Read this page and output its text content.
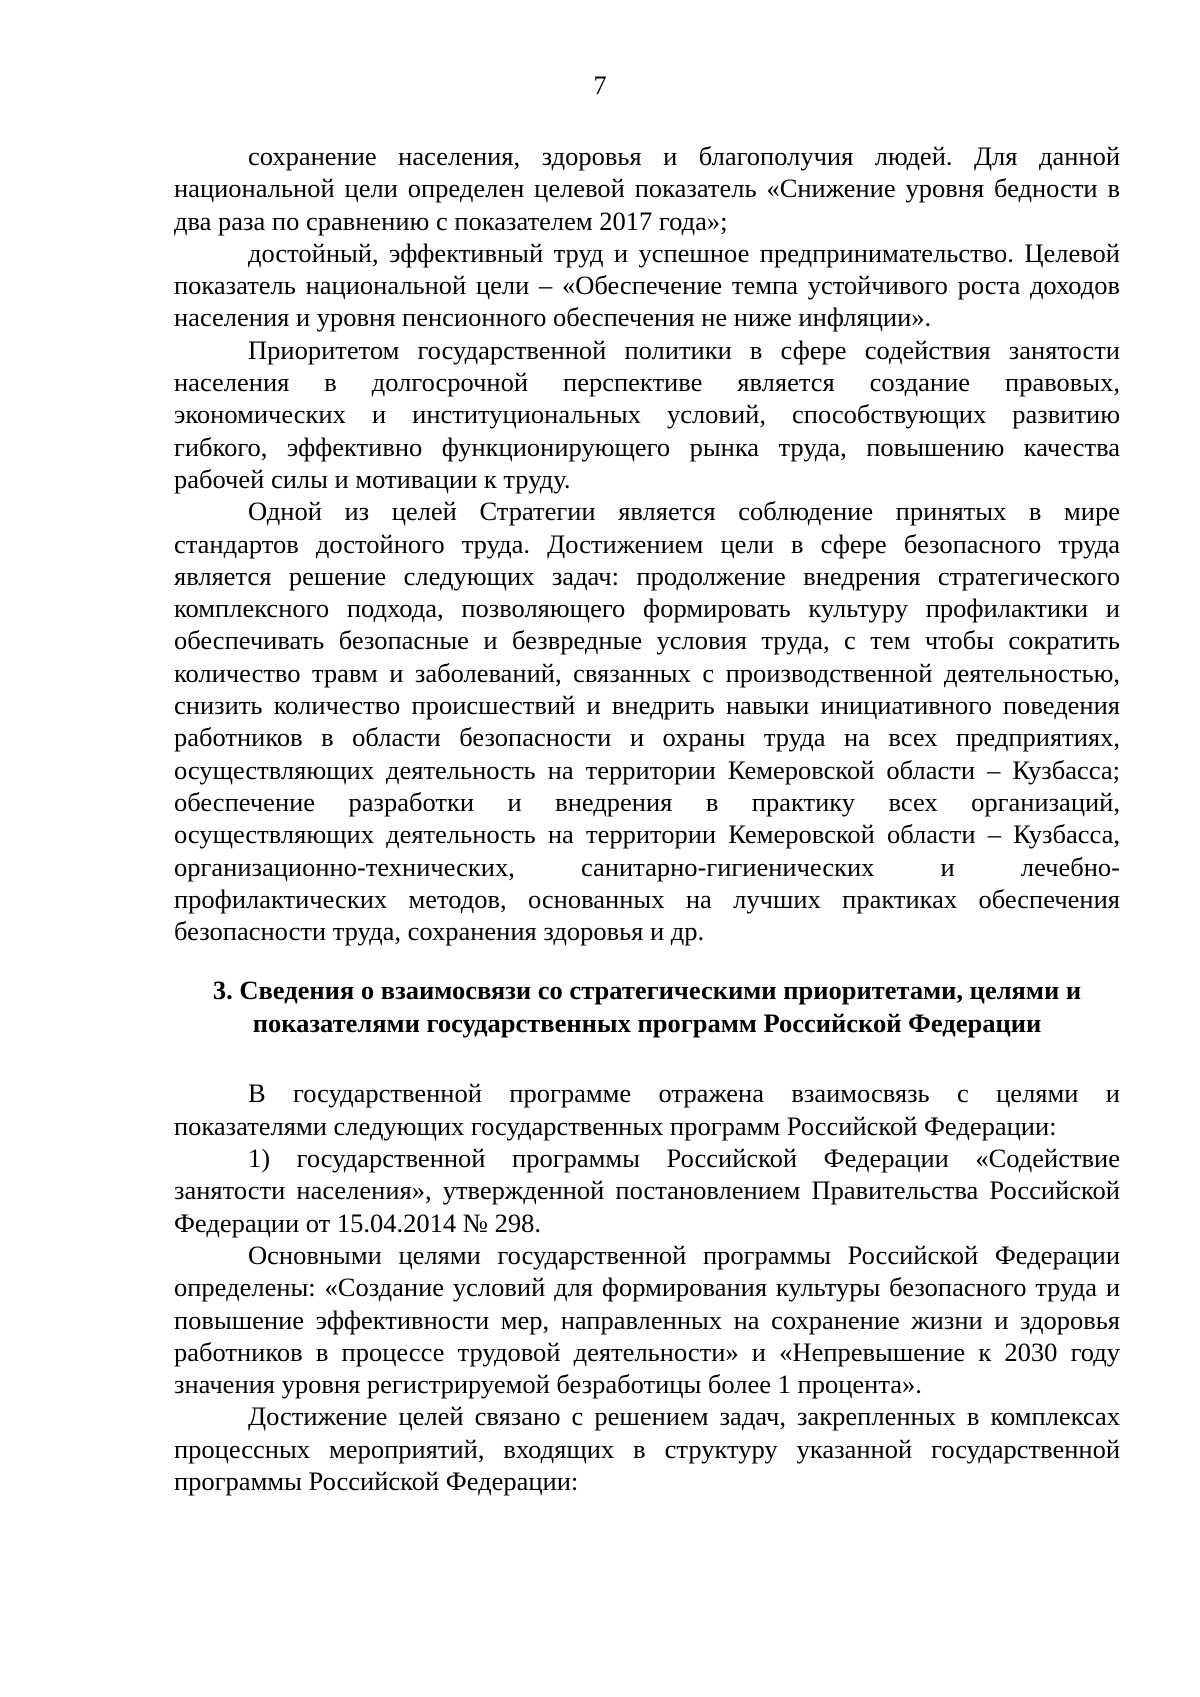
7

сохранение населения, здоровья и благополучия людей. Для данной национальной цели определен целевой показатель «Снижение уровня бедности в два раза по сравнению с показателем 2017 года»;

достойный, эффективный труд и успешное предпринимательство. Целевой показатель национальной цели – «Обеспечение темпа устойчивого роста доходов населения и уровня пенсионного обеспечения не ниже инфляции».

Приоритетом государственной политики в сфере содействия занятости населения в долгосрочной перспективе является создание правовых, экономических и институциональных условий, способствующих развитию гибкого, эффективно функционирующего рынка труда, повышению качества рабочей силы и мотивации к труду.

Одной из целей Стратегии является соблюдение принятых в мире стандартов достойного труда. Достижением цели в сфере безопасного труда является решение следующих задач: продолжение внедрения стратегического комплексного подхода, позволяющего формировать культуру профилактики и обеспечивать безопасные и безвредные условия труда, с тем чтобы сократить количество травм и заболеваний, связанных с производственной деятельностью, снизить количество происшествий и внедрить навыки инициативного поведения работников в области безопасности и охраны труда на всех предприятиях, осуществляющих деятельность на территории Кемеровской области – Кузбасса; обеспечение разработки и внедрения в практику всех организаций, осуществляющих деятельность на территории Кемеровской области – Кузбасса, организационно-технических, санитарно-гигиенических и лечебно-профилактических методов, основанных на лучших практиках обеспечения безопасности труда, сохранения здоровья и др.

3. Сведения о взаимосвязи со стратегическими приоритетами, целями и

показателями государственных программ Российской Федерации

В государственной программе отражена взаимосвязь с целями и показателями следующих государственных программ Российской Федерации:

1) государственной программы Российской Федерации «Содействие занятости населения», утвержденной постановлением Правительства Российской Федерации от 15.04.2014 № 298.

Основными целями государственной программы Российской Федерации определены: «Создание условий для формирования культуры безопасного труда и повышение эффективности мер, направленных на сохранение жизни и здоровья работников в процессе трудовой деятельности» и «Непревышение к 2030 году значения уровня регистрируемой безработицы более 1 процента».

Достижение целей связано с решением задач, закрепленных в комплексах процессных мероприятий, входящих в структуру указанной государственной программы Российской Федерации:
